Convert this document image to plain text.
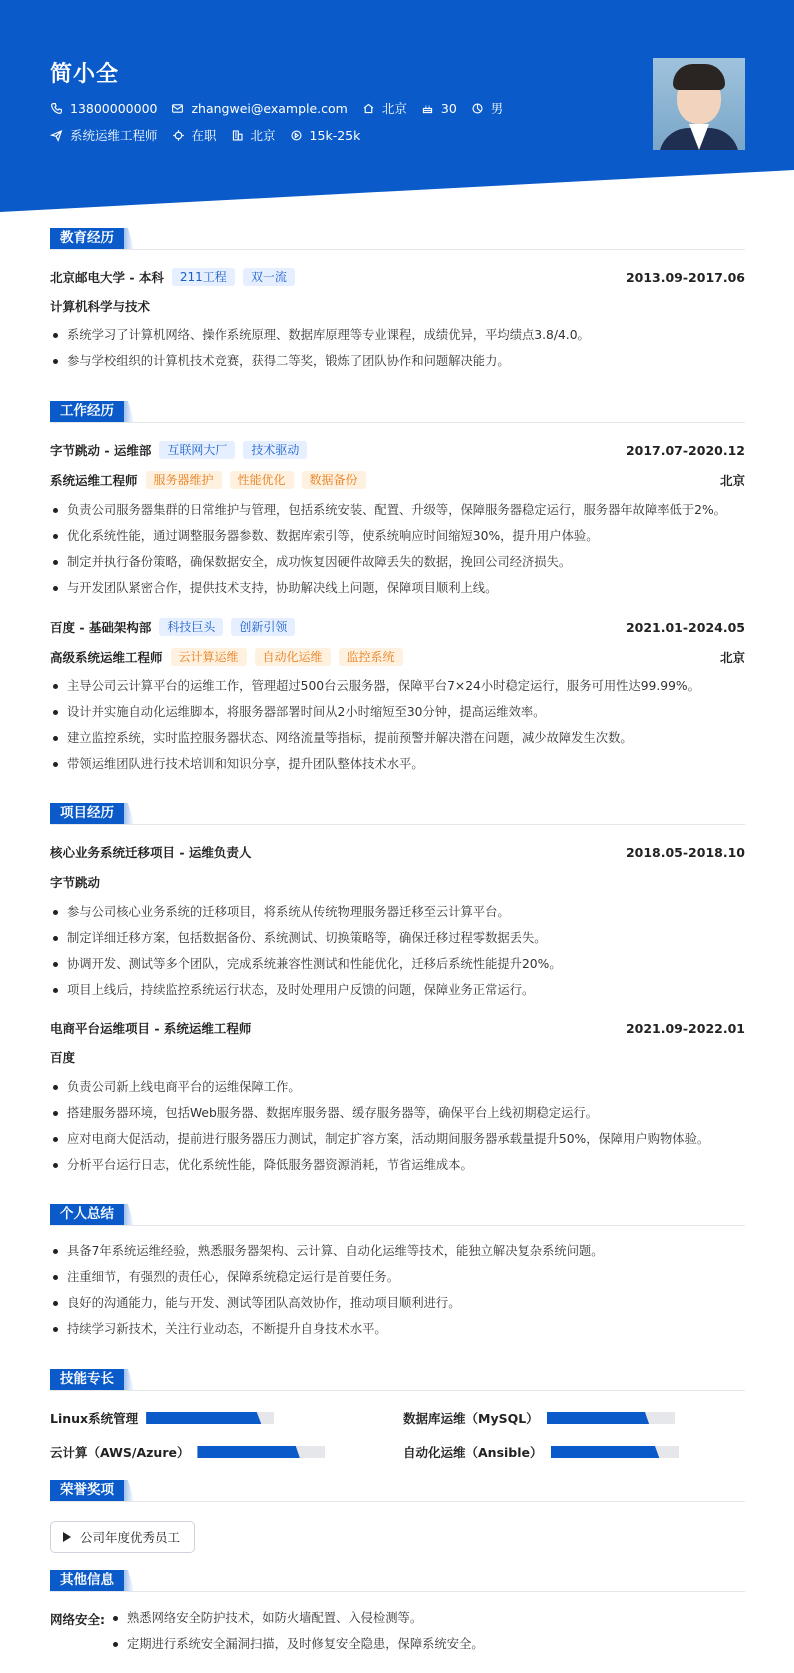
简小全
13800000000	zhangwei@example.com	北京	30	男
系统运维工程师	在职	北京	15k-25k
教育经历
北京邮电大学 - 本科	211工程	双一流	2013.09-2017.06
计算机科学与技术
系统学习了计算机网络、操作系统原理、数据库原理等专业课程，成绩优异，平均绩点3.8/4.0。
参与学校组织的计算机技术竞赛，获得二等奖，锻炼了团队协作和问题解决能力。
工作经历
字节跳动 - 运维部	互联网大厂	技术驱动	2017.07-2020.12
系统运维工程师	服务器维护	性能优化	数据备份	北京
负责公司服务器集群的日常维护与管理，包括系统安装、配置、升级等，保障服务器稳定运行，服务器年故障率低于2%。
优化系统性能，通过调整服务器参数、数据库索引等，使系统响应时间缩短30%，提升用户体验。
制定并执行备份策略，确保数据安全，成功恢复因硬件故障丢失的数据，挽回公司经济损失。
与开发团队紧密合作，提供技术支持，协助解决线上问题，保障项目顺利上线。
百度 - 基础架构部	科技巨头	创新引领	2021.01-2024.05
高级系统运维工程师	云计算运维	自动化运维	监控系统	北京
主导公司云计算平台的运维工作，管理超过500台云服务器，保障平台7×24小时稳定运行，服务可用性达99.99%。
设计并实施自动化运维脚本，将服务器部署时间从2小时缩短至30分钟，提高运维效率。
建立监控系统，实时监控服务器状态、网络流量等指标，提前预警并解决潜在问题，减少故障发生次数。
带领运维团队进行技术培训和知识分享，提升团队整体技术水平。
项目经历
核心业务系统迁移项目 - 运维负责人	2018.05-2018.10
字节跳动
参与公司核心业务系统的迁移项目，将系统从传统物理服务器迁移至云计算平台。
制定详细迁移方案，包括数据备份、系统测试、切换策略等，确保迁移过程零数据丢失。
协调开发、测试等多个团队，完成系统兼容性测试和性能优化，迁移后系统性能提升20%。
项目上线后，持续监控系统运行状态，及时处理用户反馈的问题，保障业务正常运行。
电商平台运维项目 - 系统运维工程师	2021.09-2022.01
百度
负责公司新上线电商平台的运维保障工作。
搭建服务器环境，包括Web服务器、数据库服务器、缓存服务器等，确保平台上线初期稳定运行。
应对电商大促活动，提前进行服务器压力测试，制定扩容方案，活动期间服务器承载量提升50%，保障用户购物体验。
分析平台运行日志，优化系统性能，降低服务器资源消耗，节省运维成本。
个人总结
具备7年系统运维经验，熟悉服务器架构、云计算、自动化运维等技术，能独立解决复杂系统问题。
注重细节，有强烈的责任心，保障系统稳定运行是首要任务。
良好的沟通能力，能与开发、测试等团队高效协作，推动项目顺利进行。
持续学习新技术，关注行业动态，不断提升自身技术水平。
技能专长
Linux系统管理	数据库运维（MySQL）
云计算（AWS/Azure）	自动化运维（Ansible）
荣誉奖项
公司年度优秀员工
其他信息
网络安全:	熟悉网络安全防护技术，如防火墙配置、入侵检测等。
定期进行系统安全漏洞扫描，及时修复安全隐患，保障系统安全。
